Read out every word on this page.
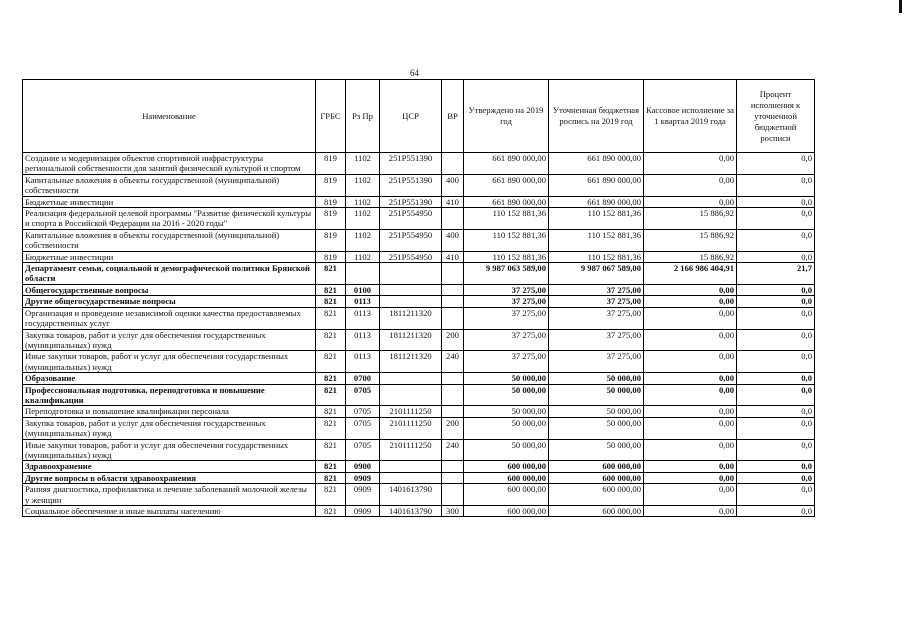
64
Наименование	ГРБС	Рз Пр	ЦСР	ВР	Утверждено на 2019 год	Уточненная бюджетная роспись на 2019 год	Кассовое исполнение за 1 квартал 2019 года	Процент исполнения к уточненной бюджетной росписи
Создание и модернизация объектов спортивной инфраструктуры региональной собственности для занятий физической культурой и спортом	819	1102	251P551390		661 890 000,00	661 890 000,00	0,00	0,0
Капитальные вложения в объекты государственной (муниципальной) собственности	819	1102	251P551390	400	661 890 000,00	661 890 000,00	0,00	0,0
Бюджетные инвестиции	819	1102	251P551390	410	661 890 000,00	661 890 000,00	0,00	0,0
Реализация федеральной целевой программы "Развитие физической культуры и спорта в Российской Федерации на 2016 - 2020 годы"	819	1102	251P554950		110 152 881,36	110 152 881,36	15 886,92	0,0
Капитальные вложения в объекты государственной (муниципальной) собственности	819	1102	251P554950	400	110 152 881,36	110 152 881,36	15 886,92	0,0
Бюджетные инвестиции	819	1102	251P554950	410	110 152 881,36	110 152 881,36	15 886,92	0,0
Департамент семьи, социальной и демографической политики Брянской области	821				9 987 063 589,00	9 987 067 589,00	2 166 986 404,91	21,7
Общегосударственные вопросы	821	0100			37 275,00	37 275,00	0,00	0,0
Другие общегосударственные вопросы	821	0113			37 275,00	37 275,00	0,00	0,0
Организация и проведение независимой оценки качества предоставляемых государственных услуг	821	0113	1811211320		37 275,00	37 275,00	0,00	0,0
Закупка товаров, работ и услуг для обеспечения государственных (муниципальных) нужд	821	0113	1811211320	200	37 275,00	37 275,00	0,00	0,0
Иные закупки товаров, работ и услуг для обеспечения государственных (муниципальных) нужд	821	0113	1811211320	240	37 275,00	37 275,00	0,00	0,0
Образование	821	0700			50 000,00	50 000,00	0,00	0,0
Профессиональная подготовка, переподготовка и повышение квалификации	821	0705			50 000,00	50 000,00	0,00	0,0
Переподготовка и повышение квалификации персонала	821	0705	2101111250		50 000,00	50 000,00	0,00	0,0
Закупка товаров, работ и услуг для обеспечения государственных (муниципальных) нужд	821	0705	2101111250	200	50 000,00	50 000,00	0,00	0,0
Иные закупки товаров, работ и услуг для обеспечения государственных (муниципальных) нужд	821	0705	2101111250	240	50 000,00	50 000,00	0,00	0,0
Здравоохранение	821	0900			600 000,00	600 000,00	0,00	0,0
Другие вопросы в области здравоохранения	821	0909			600 000,00	600 000,00	0,00	0,0
Ранняя диагностика, профилактика и лечение заболеваний молочной железы у женщин	821	0909	1401613790		600 000,00	600 000,00	0,00	0,0
Социальное обеспечение и иные выплаты населению	821	0909	1401613790	300	600 000,00	600 000,00	0,00	0,0
